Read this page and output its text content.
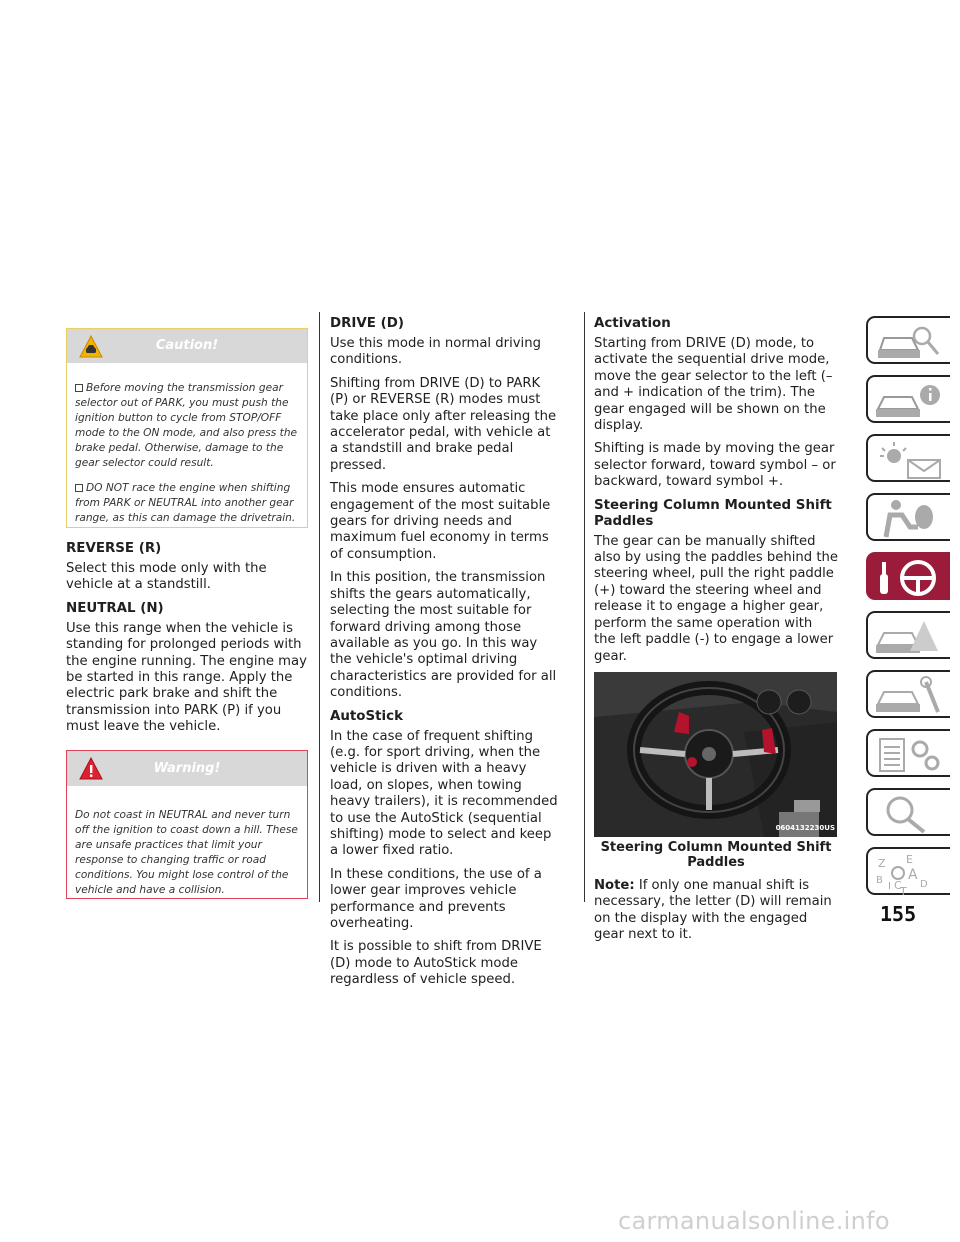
Caution!

Before moving the transmission gear selector out of PARK, you must push the ignition button to cycle from STOP/OFF mode to the ON mode, and also press the brake pedal. Otherwise, damage to the gear selector could result.

DO NOT race the engine when shifting from PARK or NEUTRAL into another gear range, as this can damage the drivetrain.

REVERSE (R)

Select this mode only with the vehicle at a standstill.

NEUTRAL (N)

Use this range when the vehicle is standing for prolonged periods with the engine running. The engine may be started in this range. Apply the electric park brake and shift the transmission into PARK (P) if you must leave the vehicle.

Warning!
Do not coast in NEUTRAL and never turn off the ignition to coast down a hill. These are unsafe practices that limit your response to changing traffic or road conditions. You might lose control of the vehicle and have a collision.
DRIVE (D)

Use this mode in normal driving conditions.

Shifting from DRIVE (D) to PARK (P) or REVERSE (R) modes must take place only after releasing the accelerator pedal, with vehicle at a standstill and brake pedal pressed.

This mode ensures automatic engagement of the most suitable gears for driving needs and maximum fuel economy in terms of consumption.

In this position, the transmission shifts the gears automatically, selecting the most suitable for forward driving among those available as you go. In this way the vehicle's optimal driving characteristics are provided for all conditions.

AutoStick

In the case of frequent shifting (e.g. for sport driving, when the vehicle is driven with a heavy load, on slopes, when towing heavy trailers), it is recommended to use the AutoStick (sequential shifting) mode to select and keep a lower fixed ratio.

In these conditions, the use of a lower gear improves vehicle performance and prevents overheating.

It is possible to shift from DRIVE (D) mode to AutoStick mode regardless of vehicle speed.

Activation

Starting from DRIVE (D) mode, to activate the sequential drive mode, move the gear selector to the left (– and + indication of the trim). The gear engaged will be shown on the display.

Shifting is made by moving the gear selector forward, toward symbol – or backward, toward symbol +.

Steering Column Mounted Shift Paddles

The gear can be manually shifted also by using the paddles behind the steering wheel, pull the right paddle (+) toward the steering wheel and release it to engage a higher gear, perform the same operation with the left paddle (-) to engage a lower gear.

0604132230US
Steering Column Mounted Shift Paddles

Note: If only one manual shift is necessary, the letter (D) will remain on the display with the engaged gear next to it.

Z E
A
B
I C
T
D
155
carmanualsonline.info
